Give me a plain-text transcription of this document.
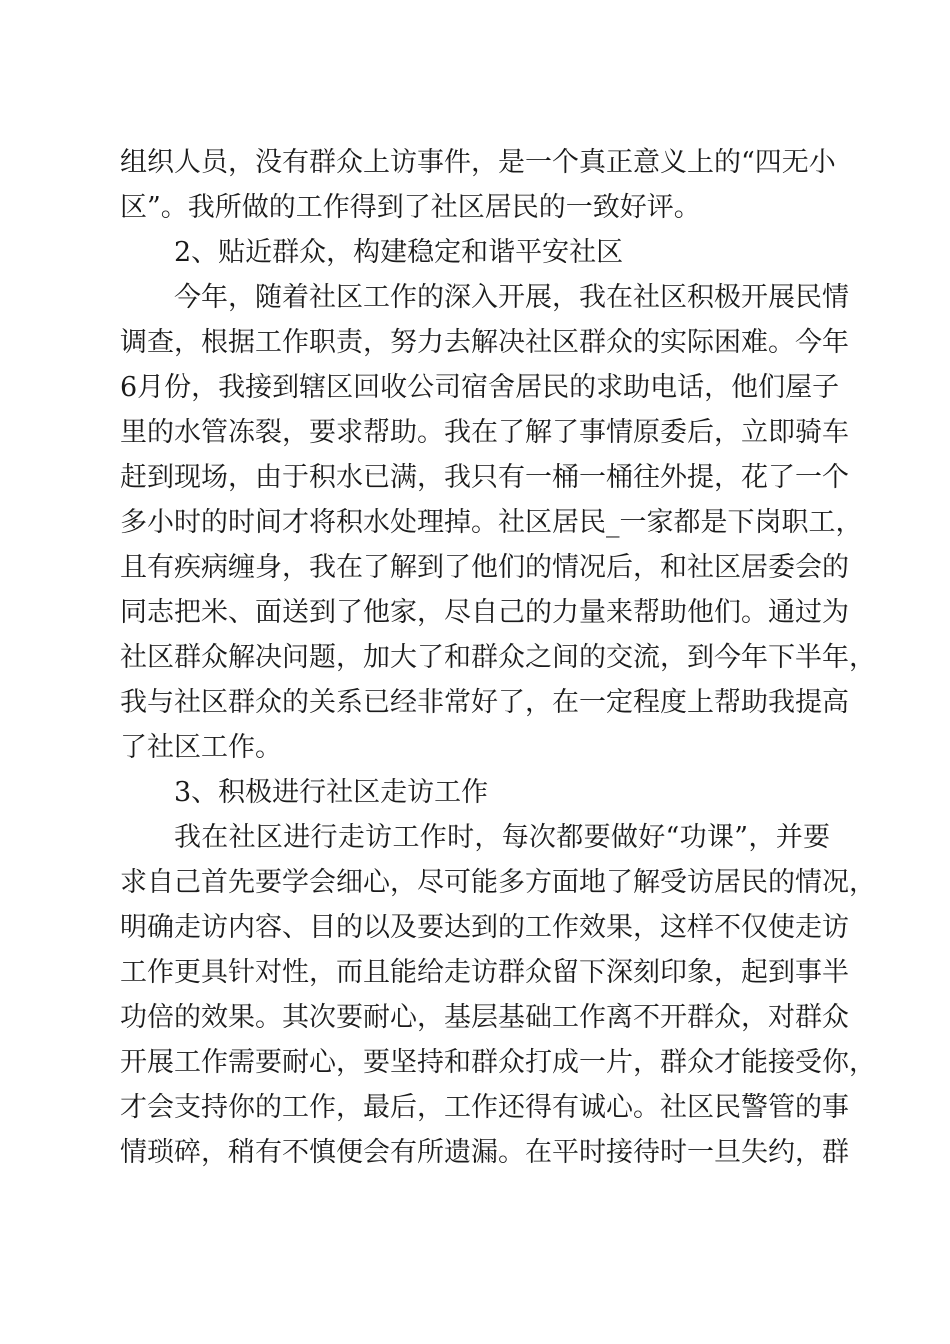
组织人员，没有群众上访事件，是一个真正意义上的“四无小
区”。我所做的工作得到了社区居民的一致好评。
2、贴近群众，构建稳定和谐平安社区
今年，随着社区工作的深入开展，我在社区积极开展民情
调查，根据工作职责，努力去解决社区群众的实际困难。今年
6月份，我接到辖区回收公司宿舍居民的求助电话，他们屋子
里的水管冻裂，要求帮助。我在了解了事情原委后，立即骑车
赶到现场，由于积水已满，我只有一桶一桶往外提，花了一个
多小时的时间才将积水处理掉。社区居民_一家都是下岗职工，
且有疾病缠身，我在了解到了他们的情况后，和社区居委会的
同志把米、面送到了他家，尽自己的力量来帮助他们。通过为
社区群众解决问题，加大了和群众之间的交流，到今年下半年，
我与社区群众的关系已经非常好了，在一定程度上帮助我提高
了社区工作。
3、积极进行社区走访工作
我在社区进行走访工作时，每次都要做好“功课”，并要
求自己首先要学会细心，尽可能多方面地了解受访居民的情况，
明确走访内容、目的以及要达到的工作效果，这样不仅使走访
工作更具针对性，而且能给走访群众留下深刻印象，起到事半
功倍的效果。其次要耐心，基层基础工作离不开群众，对群众
开展工作需要耐心，要坚持和群众打成一片，群众才能接受你，
才会支持你的工作，最后，工作还得有诚心。社区民警管的事
情琐碎，稍有不慎便会有所遗漏。在平时接待时一旦失约，群
